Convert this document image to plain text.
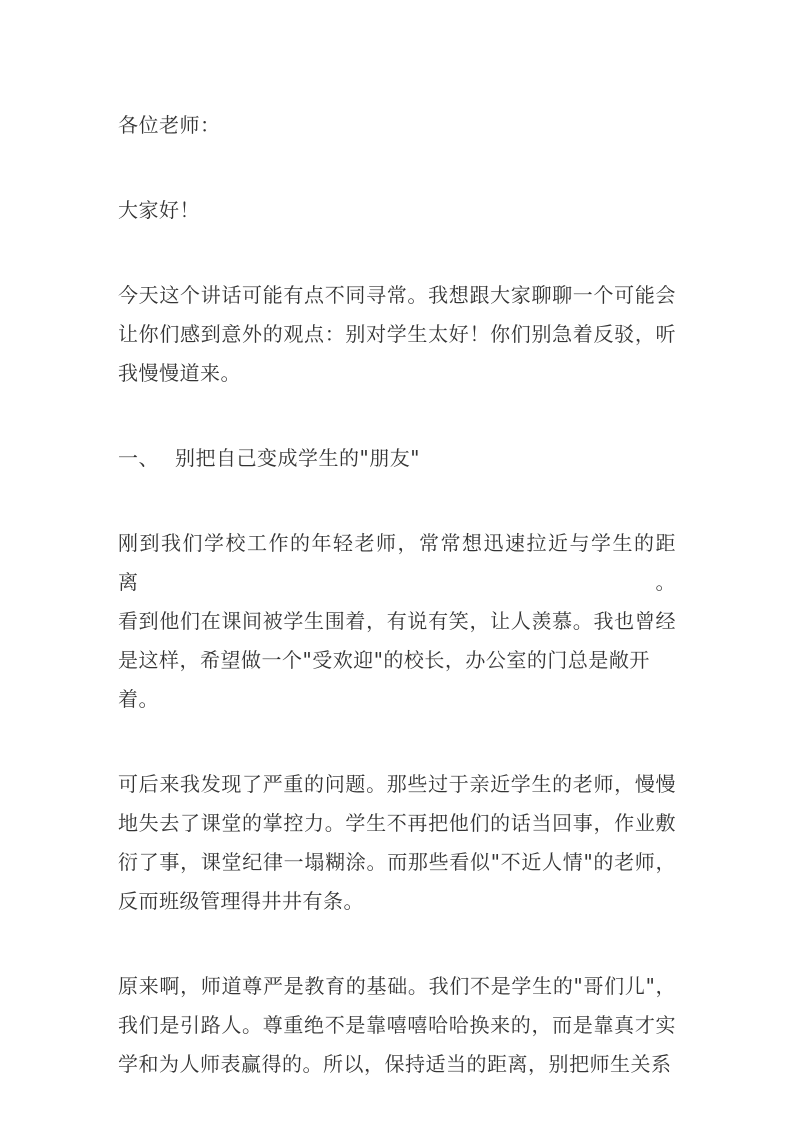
各位老师：
大家好！
今天这个讲话可能有点不同寻常。我想跟大家聊聊一个可能会
让你们感到意外的观点：别对学生太好！你们别急着反驳，听
我慢慢道来。
一、 别把自己变成学生的"朋友"
刚到我们学校工作的年轻老师，常常想迅速拉近与学生的距离。
看到他们在课间被学生围着，有说有笑，让人羡慕。我也曾经
是这样，希望做一个"受欢迎"的校长，办公室的门总是敞开着。
可后来我发现了严重的问题。那些过于亲近学生的老师，慢慢
地失去了课堂的掌控力。学生不再把他们的话当回事，作业敷
衍了事，课堂纪律一塌糊涂。而那些看似"不近人情"的老师，
反而班级管理得井井有条。
原来啊，师道尊严是教育的基础。我们不是学生的"哥们儿"，
我们是引路人。尊重绝不是靠嘻嘻哈哈换来的，而是靠真才实
学和为人师表赢得的。所以，保持适当的距离，别把师生关系
